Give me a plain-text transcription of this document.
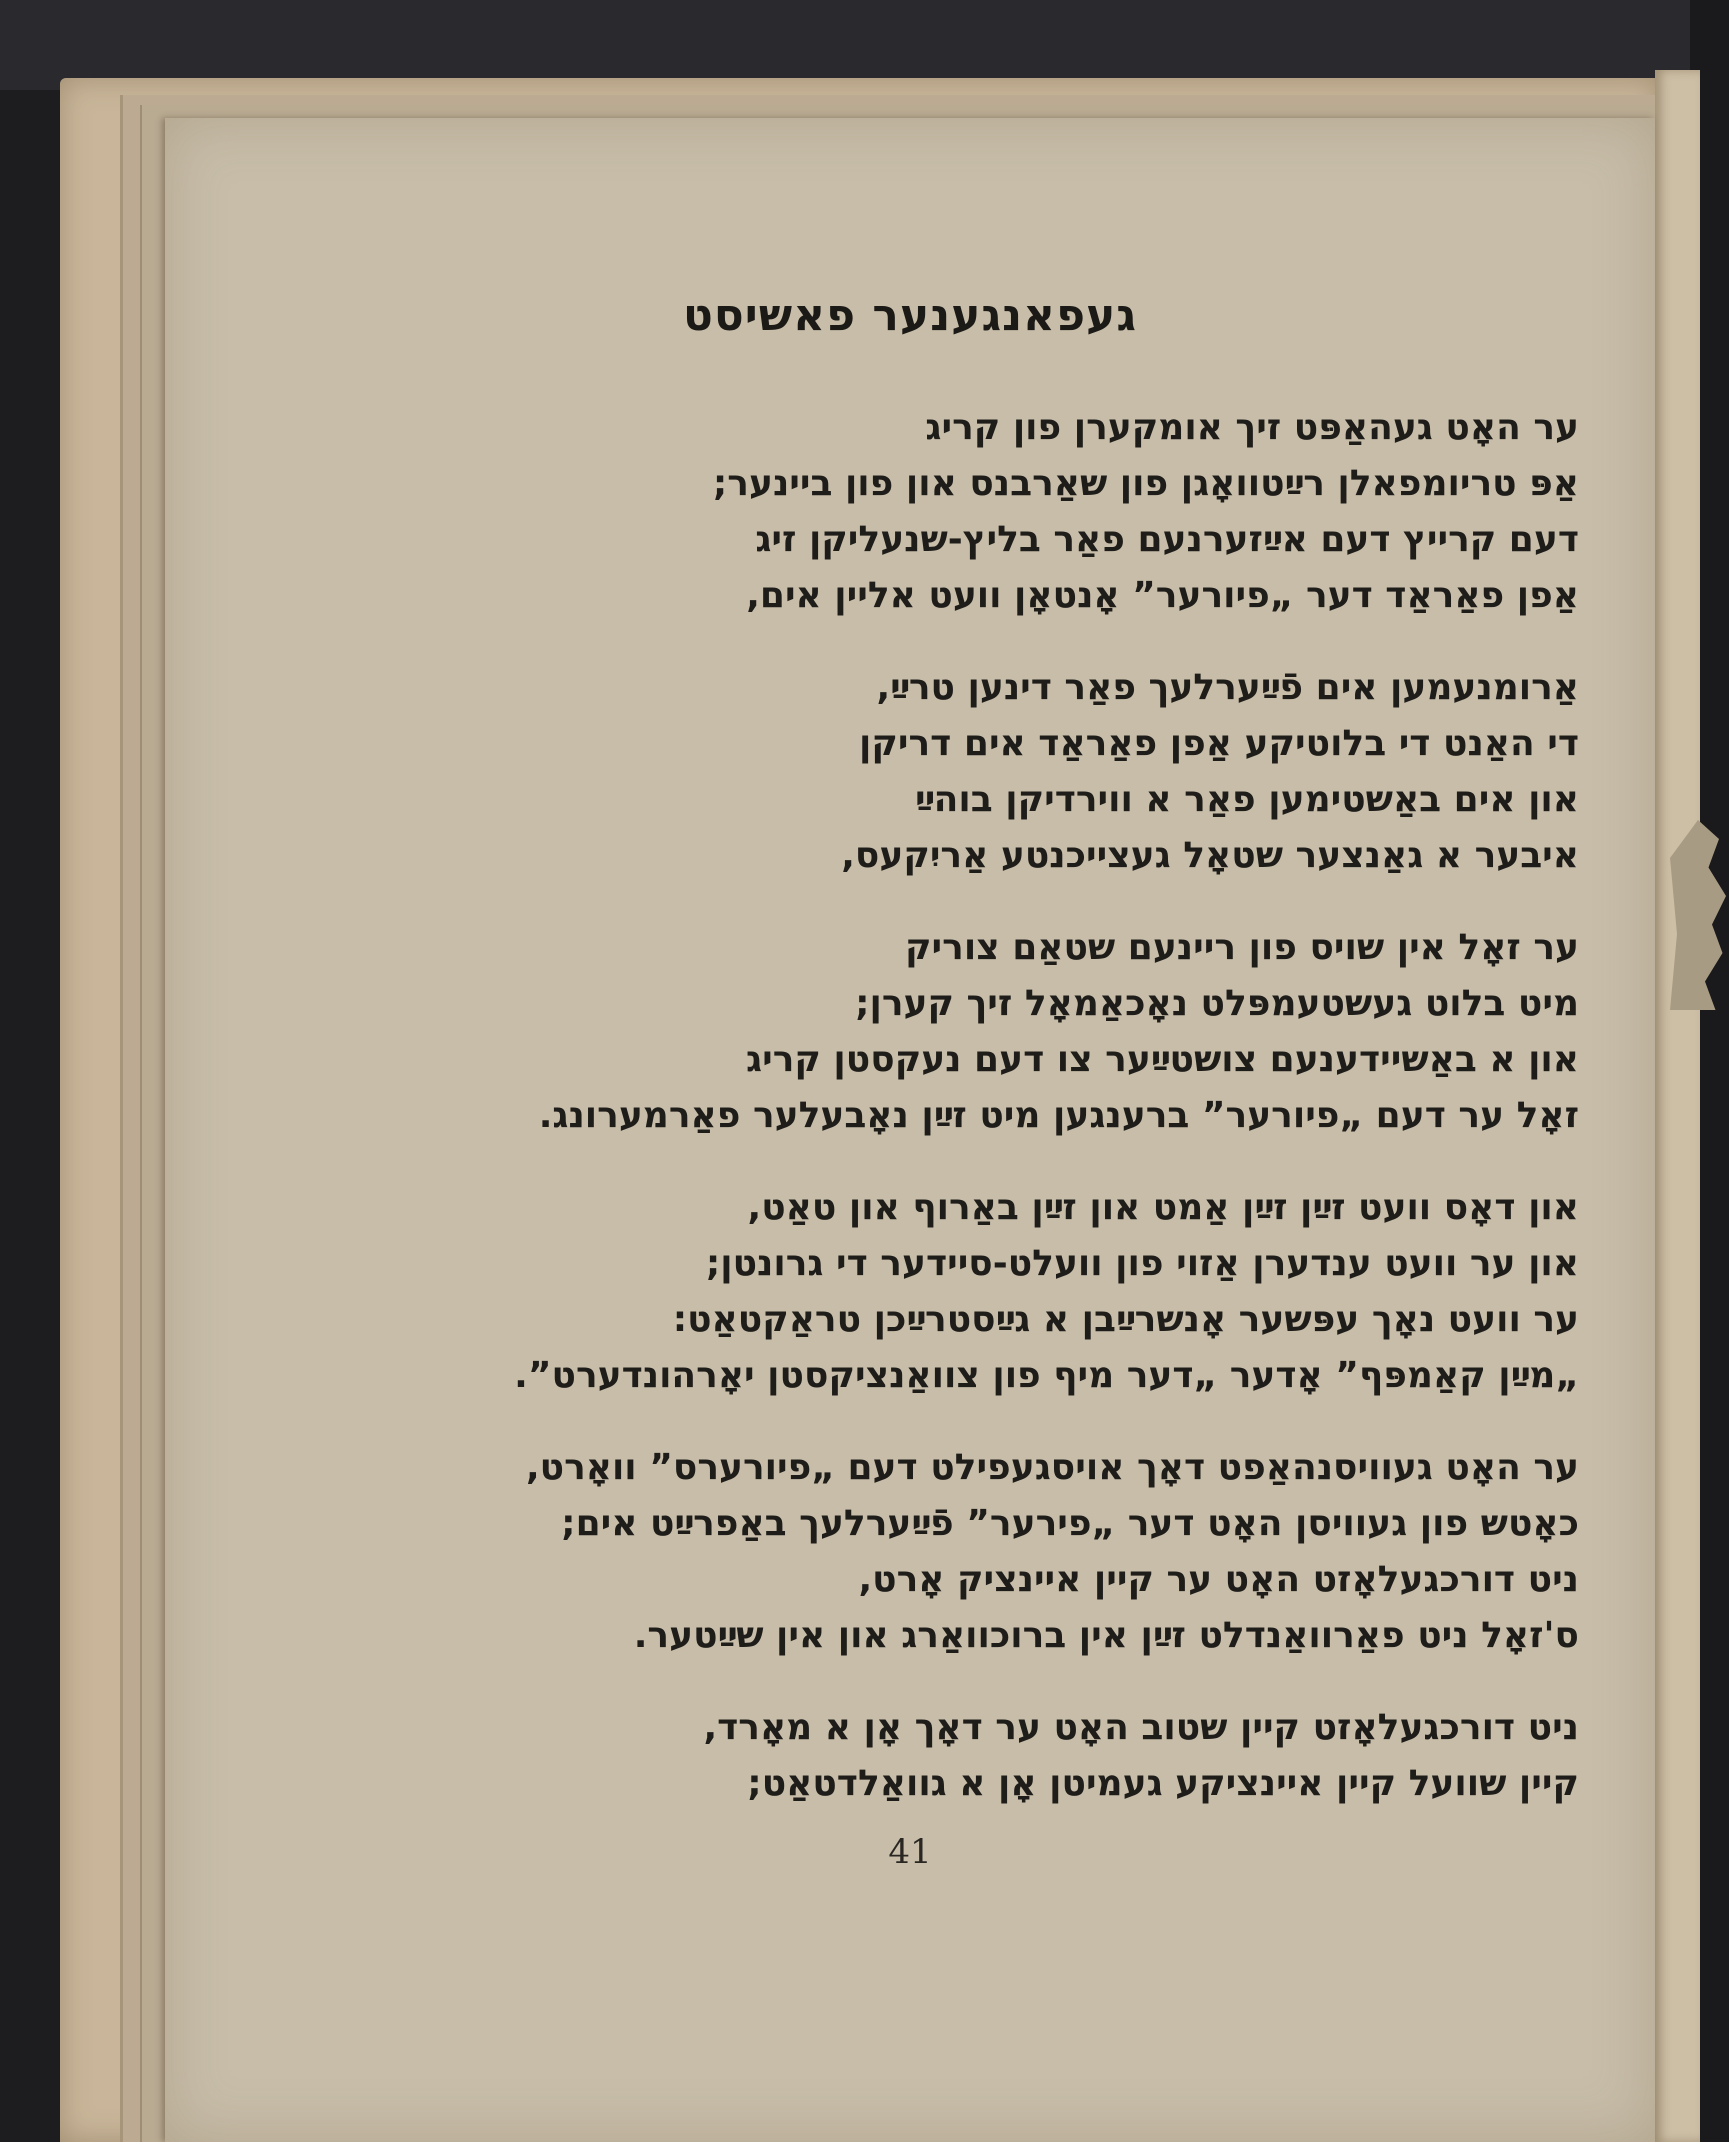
געפאנגענער פאשיסט
ער האָט געהאַפּט זיך אומקערן פון קריג
אַפּ טריומפאלן רײַטוואָגן פון שאַרבנס און פון ביינער;
דעם קרייץ דעם אײַזערנעם פאַר בליץ-שנעליקן זיג
אַפן פאַראַד דער „פיורער” אָנטאָן וועט אליין אים,
אַרומנעמען אים פֿײַערלעך פאַר דינען טרײַ,
די האַנט די בלוטיקע אַפן פאַראַד אים דריקן
און אים באַשטימען פאַר א ווירדיקן בוהײַ
איבער א גאַנצער שטאָל געצייכנטע אַריִקעס,
ער זאָל אין שויס פון ריינעם שטאַם צוריק
מיט בלוט געשטעמפּלט נאָכאַמאָל זיך קערן;
און א באַשיידענעם צושטײַער צו דעם נעקסטן קריג
זאָל ער דעם „פיורער” ברענגען מיט זײַן נאָבעלער פאַרמערונג.
און דאָס וועט זײַן זײַן אַמט און זײַן באַרוף און טאַט,
און ער וועט ענדערן אַזוי פון וועלט-סיידער די גרונטן;
ער וועט נאָך עפּשער אָנשרײַבן א גײַסטרײַכן טראַקטאַט:
„מײַן קאַמפּף” אָדער „דער מיף פון צוואַנציקסטן יאָרהונדערט”.
ער האָט געוויסנהאַפט דאָך אויסגעפילט דעם „פיורערס” וואָרט,
כאָטש פון געוויסן האָט דער „פירער” פֿײַערלעך באַפרײַט אים;
ניט דורכגעלאָזט האָט ער קיין איינציק אָרט,
ס'זאָל ניט פאַרוואַנדלט זײַן אין ברוכוואַרג און אין שײַטער.
ניט דורכגעלאָזט קיין שטוב האָט ער דאָך אָן א מאָרד,
קיין שוועל קיין איינציקע געמיטן אָן א גוואַלדטאַט;
41
